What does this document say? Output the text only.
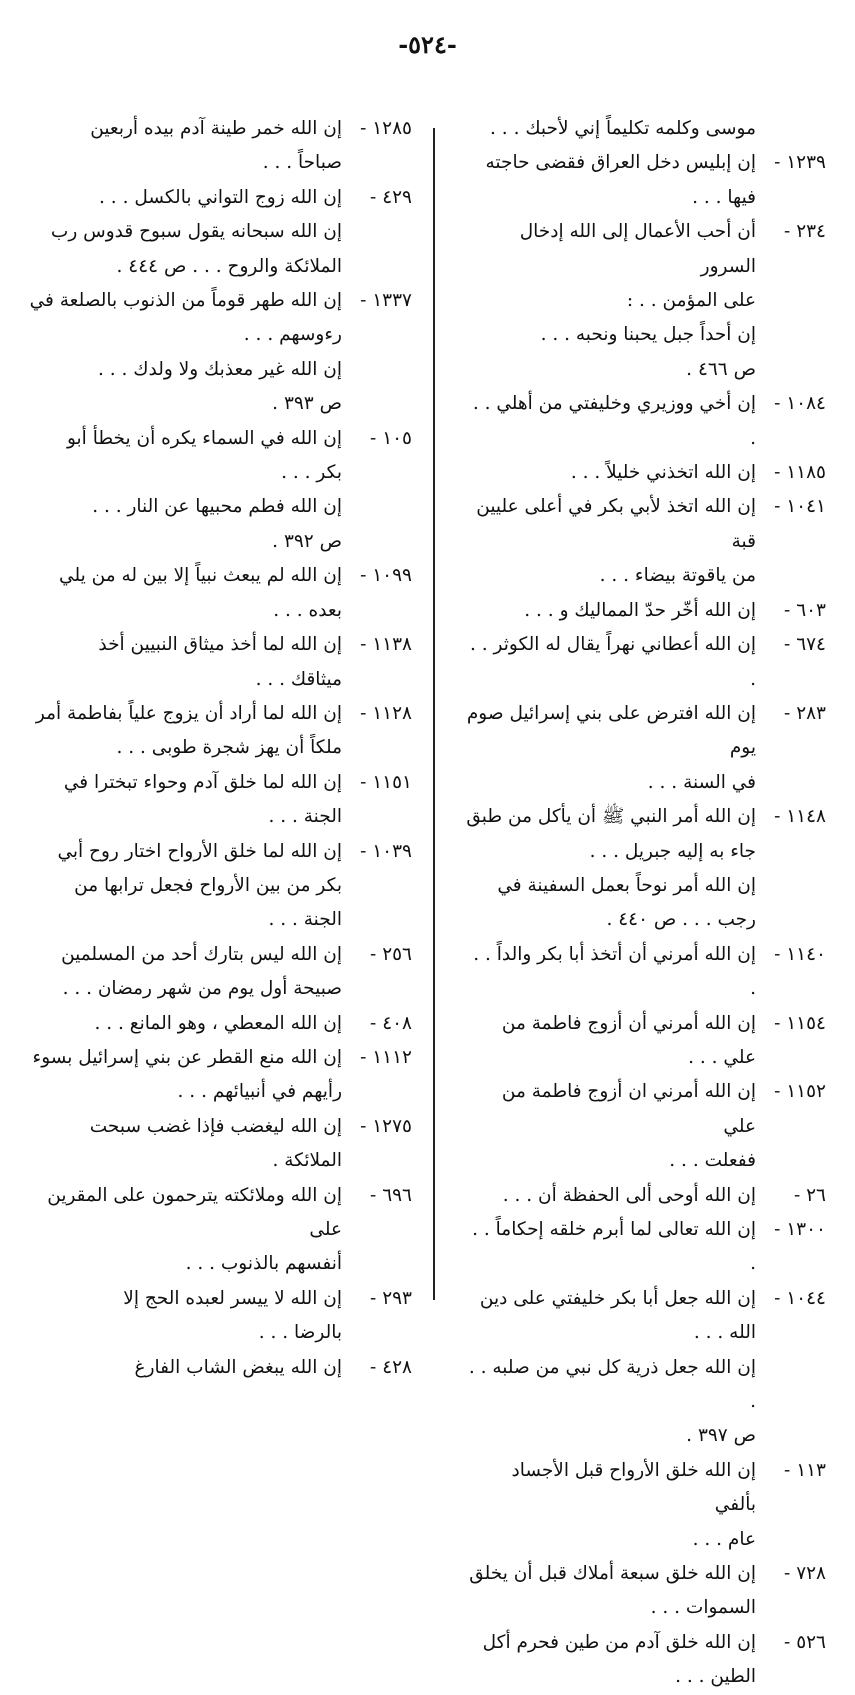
-٥٢٤-

موسى وكلمه تكليماً إني لأحبك . . .

١٢٣٩ -

إن إبليس دخل العراق فقضى حاجته
فيها . . .

٢٣٤ -

أن أحب الأعمال إلى الله إدخال السرور
على المؤمن . . :

إن أحداً جبل يحبنا ونحبه . . .
ص ٤٦٦ .

١٠٨٤ -

إن أخي ووزيري وخليفتي من أهلي . . .

١١٨٥ -

إن الله اتخذني خليلاً . . .

١٠٤١ -

إن الله اتخذ لأبي بكر في أعلى عليين قبة
من ياقوتة بيضاء . . .

٦٠٣ -

إن الله أخّر حدّ المماليك و . . .

٦٧٤ -

إن الله أعطاني نهراً يقال له الكوثر . . .

٢٨٣ -

إن الله افترض على بني إسرائيل صوم يوم
في السنة . . .

١١٤٨ -

إن الله أمر النبي ﷺ أن يأكل من طبق
جاء به إليه جبريل . . .

إن الله أمر نوحاً بعمل السفينة في
رجب . . . ص ٤٤٠ .

١١٤٠ -

إن الله أمرني أن أتخذ أبا بكر والداً . . .

١١٥٤ -

إن الله أمرني أن أزوج فاطمة من
علي . . .

١١٥٢ -

إن الله أمرني ان أزوج فاطمة من علي
ففعلت . . .

٢٦ -

إن الله أوحى ألى الحفظة أن . . .

١٣٠٠ -

إن الله تعالى لما أبرم خلقه إحكاماً . . .

١٠٤٤ -

إن الله جعل أبا بكر خليفتي على دين
الله . . .

إن الله جعل ذرية كل نبي من صلبه . . .
ص ٣٩٧ .

١١٣ -

إن الله خلق الأرواح قبل الأجساد بألفي
عام . . .

٧٢٨ -

إن الله خلق سبعة أملاك قبل أن يخلق
السموات . . .

٥٢٦ -

إن الله خلق آدم من طين فحرم أكل
الطين . . .

١٢٨٥ -

إن الله خمر طينة آدم بيده أربعين
صباحاً . . .

٤٢٩ -

إن الله زوج التواني بالكسل . . .

إن الله سبحانه يقول سبوح قدوس رب
الملائكة والروح . . . ص ٤٤٤ .

١٣٣٧ -

إن الله طهر قوماً من الذنوب بالصلعة في
رءوسهم . . .

إن الله غير معذبك ولا ولدك . . .
ص ٣٩٣ .

١٠٥ -

إن الله في السماء يكره أن يخطأ أبو
بكر . . .

إن الله فطم محبيها عن النار . . .
ص ٣٩٢ .

١٠٩٩ -

إن الله لم يبعث نبياً إلا بين له من يلي
بعده . . .

١١٣٨ -

إن الله لما أخذ ميثاق النبيين أخذ
ميثاقك . . .

١١٢٨ -

إن الله لما أراد أن يزوج علياً بفاطمة أمر
ملكاً أن يهز شجرة طوبى . . .

١١٥١ -

إن الله لما خلق آدم وحواء تبخترا في
الجنة . . .

١٠٣٩ -

إن الله لما خلق الأرواح اختار روح أبي
بكر من بين الأرواح فجعل ترابها من
الجنة . . .

٢٥٦ -

إن الله ليس بتارك أحد من المسلمين
صبيحة أول يوم من شهر رمضان . . .

٤٠٨ -

إن الله المعطي ، وهو المانع . . .

١١١٢ -

إن الله منع القطر عن بني إسرائيل بسوء
رأيهم في أنبيائهم . . .

١٢٧٥ -

إن الله ليغضب فإذا غضب سبحت
الملائكة .

٦٩٦ -

إن الله وملائكته يترحمون على المقرين على
أنفسهم بالذنوب . . .

٢٩٣ -

إن الله لا ييسر لعبده الحج إلا
بالرضا . . .

٤٢٨ -

إن الله يبغض الشاب الفارغ
